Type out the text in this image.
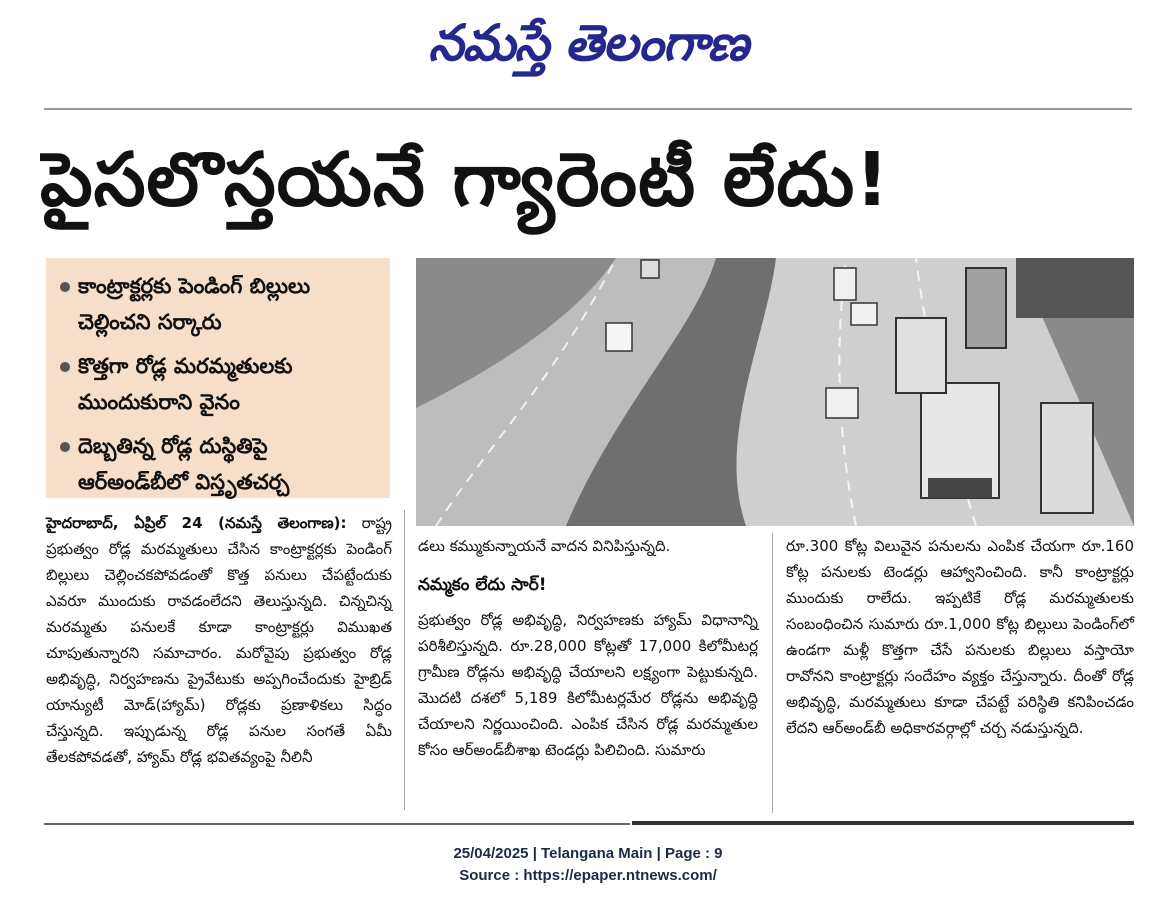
నమస్తే తెలంగాణ
పైసలొస్తయనే గ్యారెంటీ లేదు!
కాంట్రాక్టర్లకు పెండింగ్ బిల్లులు
చెల్లించని సర్కారు
కొత్తగా రోడ్ల మరమ్మతులకు
ముందుకురాని వైనం
దెబ్బతిన్న రోడ్ల దుస్థితిపై
ఆర్‌అండ్‌బీలో విస్తృతచర్చ

హైదరాబాద్, ఏప్రిల్ 24 (నమస్తే తెలంగాణ): రాష్ట్ర ప్రభుత్వం రోడ్ల మరమ్మతులు చేసిన కాంట్రాక్టర్లకు పెండింగ్ బిల్లులు చెల్లించకపోవడంతో కొత్త పనులు చేపట్టేందుకు ఎవరూ ముందుకు రావడంలేదని తెలుస్తున్నది. చిన్నచిన్న మరమ్మతు పనులకే కూడా కాంట్రాక్టర్లు విముఖత చూపుతున్నారని సమాచారం. మరోవైపు ప్రభుత్వం రోడ్ల అభివృద్ధి, నిర్వహణను ప్రైవేటుకు అప్పగించేందుకు హైబ్రిడ్ యాన్యుటీ మోడ్(హ్యామ్) రోడ్లకు ప్రణాళికలు సిద్ధం చేస్తున్నది. ఇప్పుడున్న రోడ్ల పనుల సంగతే ఏమీ తేలకపోవడతో, హ్యామ్ రోడ్ల భవితవ్యంపై నీలినీ

డలు కమ్ముకున్నాయనే వాదన వినిపిస్తున్నది.

నమ్మకం లేదు సార్!

ప్రభుత్వం రోడ్ల అభివృద్ధి, నిర్వహణకు హ్యామ్ విధానాన్ని పరిశీలిస్తున్నది. రూ.28,000 కోట్లతో 17,000 కిలోమీటర్ల గ్రామీణ రోడ్లను అభివృద్ధి చేయాలని లక్ష్యంగా పెట్టుకున్నది. మొదటి దశలో 5,189 కిలోమీటర్లమేర రోడ్లను అభివృద్ధి చేయాలని నిర్ణయించింది. ఎంపిక చేసిన రోడ్ల మరమ్మతుల కోసం ఆర్‌అండ్‌బీశాఖ టెండర్లు పిలిచింది. సుమారు

రూ.300 కోట్ల విలువైన పనులను ఎంపిక చేయగా రూ.160 కోట్ల పనులకు టెండర్లు ఆహ్వానించింది. కానీ కాంట్రాక్టర్లు ముందుకు రాలేదు. ఇప్పటికే రోడ్ల మరమ్మతులకు సంబంధించిన సుమారు రూ.1,000 కోట్ల బిల్లులు పెండింగ్‌లో ఉండగా మళ్లీ కొత్తగా చేసే పనులకు బిల్లులు వస్తాయో రావోనని కాంట్రాక్టర్లు సందేహం వ్యక్తం చేస్తున్నారు. దీంతో రోడ్ల అభివృద్ధి, మరమ్మతులు కూడా చేపట్టే పరిస్థితి కనిపించడం లేదని ఆర్‌అండ్‌బీ అధికారవర్గాల్లో చర్చ నడుస్తున్నది.

25/04/2025 | Telangana Main | Page : 9
Source : https://epaper.ntnews.com/
